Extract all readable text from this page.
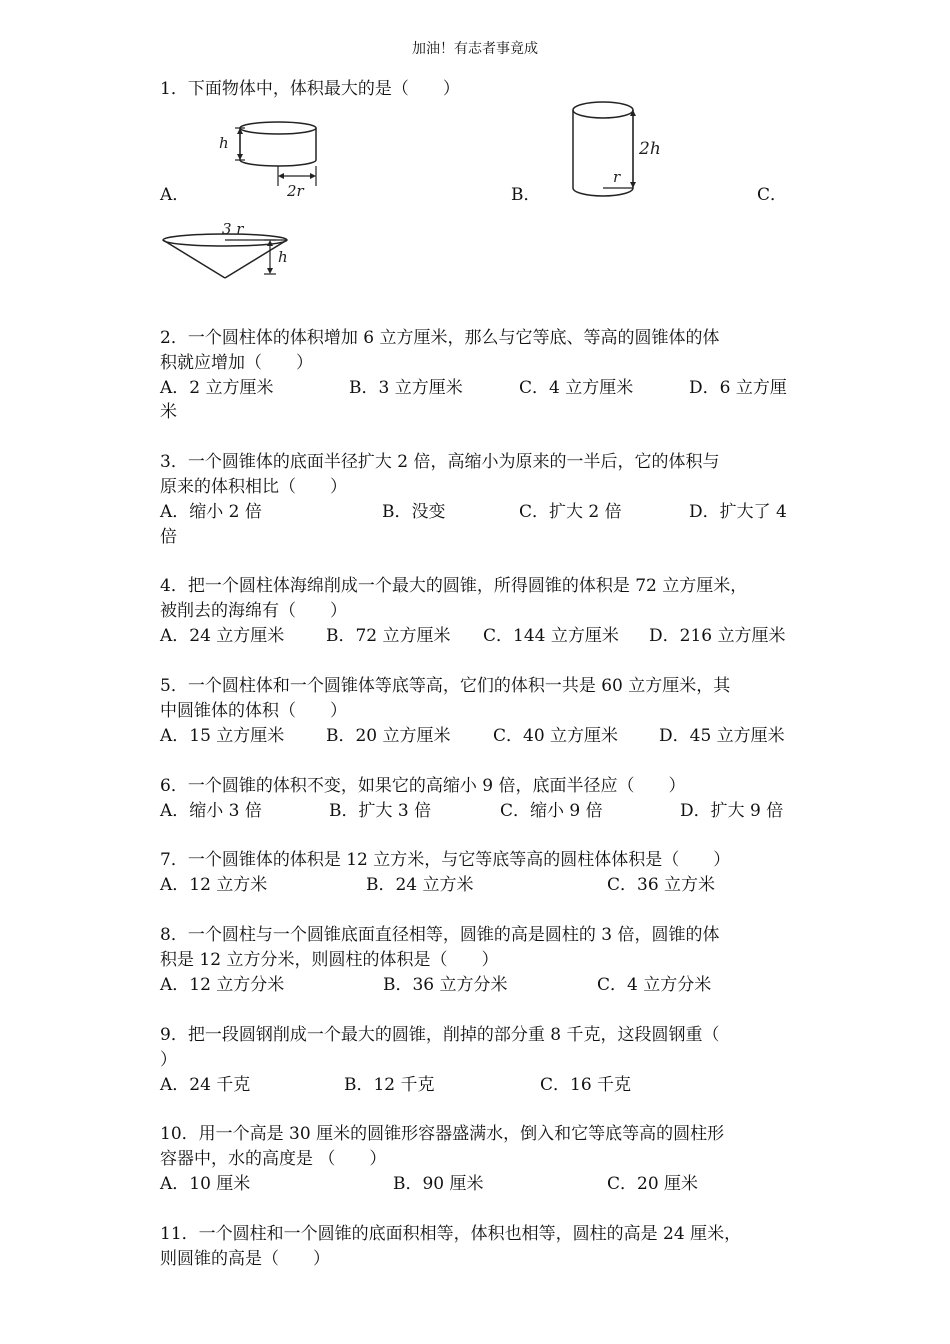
加油！有志者事竟成
1．下面物体中，体积最大的是（　　）
h
2r
A．
2h
r
B．	C．
3 r
h
2．一个圆柱体的体积增加 6 立方厘米，那么与它等底、等高的圆锥体的体
积就应增加（　　）
A．2 立方厘米	B．3 立方厘米	C．4 立方厘米	D．6 立方厘
米
3．一个圆锥体的底面半径扩大 2 倍，高缩小为原来的一半后，它的体积与
原来的体积相比（　　）
A．缩小 2 倍	B．没变	C．扩大 2 倍	D．扩大了 4
倍
4．把一个圆柱体海绵削成一个最大的圆锥，所得圆锥的体积是 72 立方厘米，
被削去的海绵有（　　）
A．24 立方厘米 B．72 立方厘米 C．144 立方厘米 D．216 立方厘米
5．一个圆柱体和一个圆锥体等底等高，它们的体积一共是 60 立方厘米，其
中圆锥体的体积（　　）
A．15 立方厘米 B．20 立方厘米 C．40 立方厘米 D．45 立方厘米
6．一个圆锥的体积不变，如果它的高缩小 9 倍，底面半径应（　　）
A．缩小 3 倍	B．扩大 3 倍	C．缩小 9 倍	D．扩大 9 倍
7．一个圆锥体的体积是 12 立方米，与它等底等高的圆柱体体积是（　　）
A．12 立方米	B．24 立方米	C．36 立方米
8．一个圆柱与一个圆锥底面直径相等，圆锥的高是圆柱的 3 倍，圆锥的体
积是 12 立方分米，则圆柱的体积是（　　）
A．12 立方分米	B．36 立方分米	C．4 立方分米
9．把一段圆钢削成一个最大的圆锥，削掉的部分重 8 千克，这段圆钢重（
）
A．24 千克	B．12 千克	C．16 千克
10．用一个高是 30 厘米的圆锥形容器盛满水，倒入和它等底等高的圆柱形
容器中，水的高度是 （　　）
A．10 厘米	B．90 厘米	C．20 厘米
11．一个圆柱和一个圆锥的底面积相等，体积也相等，圆柱的高是 24 厘米，
则圆锥的高是（　　）
